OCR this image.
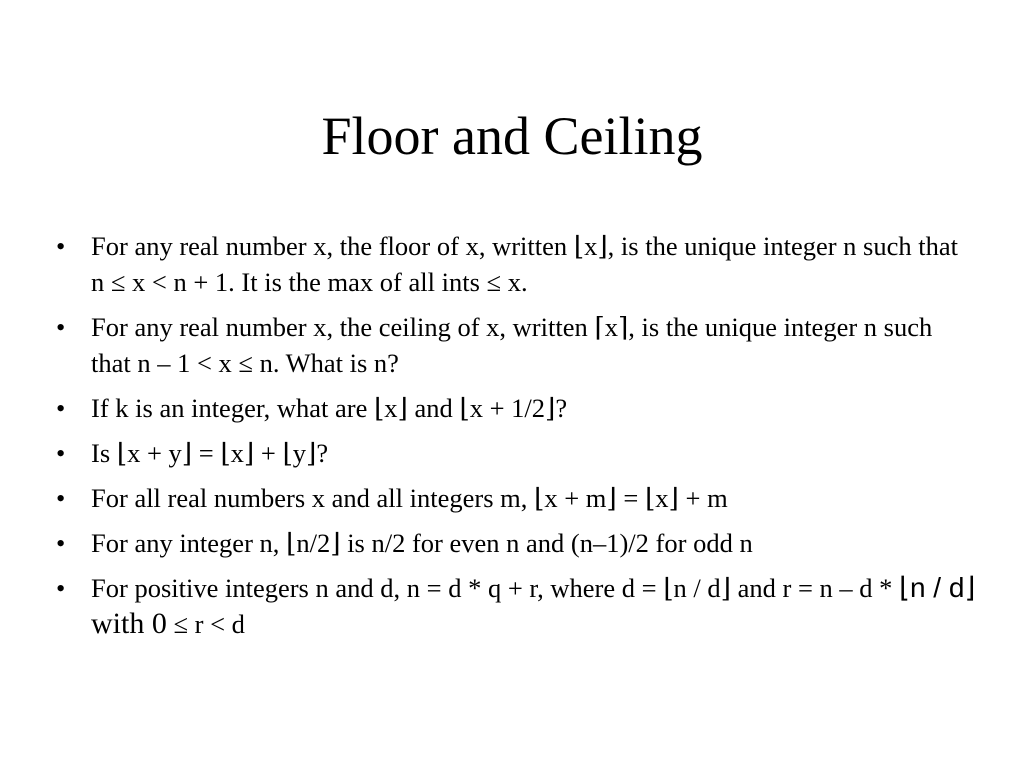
Floor and Ceiling
• For any real number x, the floor of x, written ⌊x⌋, is the unique integer n such that n ≤ x < n + 1. It is the max of all ints ≤ x.
• For any real number x, the ceiling of x, written ⌈x⌉, is the unique integer n such that n – 1 < x ≤ n. What is n?
• If k is an integer, what are ⌊x⌋ and ⌊x + 1/2⌋?
• Is ⌊x + y⌋ = ⌊x⌋ + ⌊y⌋?
• For all real numbers x and all integers m, ⌊x + m⌋ = ⌊x⌋ + m
• For any integer n, ⌊n/2⌋ is n/2 for even n and (n–1)/2 for odd n
• For positive integers n and d, n = d * q + r, where d = ⌊n / d⌋ and r = n – d * ⌊n / d⌋ with 0 ≤ r < d
